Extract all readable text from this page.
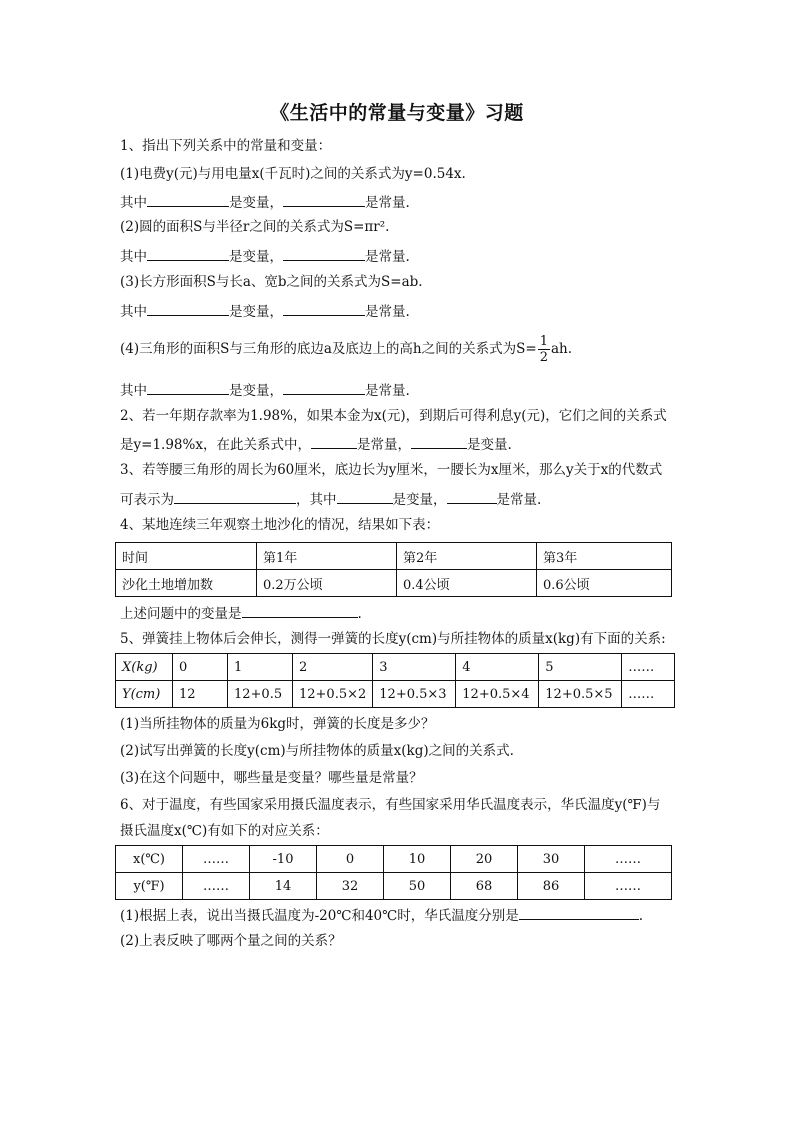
《生活中的常量与变量》习题
1、指出下列关系中的常量和变量：
(1)电费y(元)与用电量x(千瓦时)之间的关系式为y=0.54x.
其中	是变量，	是常量.
(2)圆的面积S与半径r之间的关系式为S=πr².
其中	是变量，	是常量.
(3)长方形面积S与长a、宽b之间的关系式为S=ab.
其中	是变量，	是常量.
(4)三角形的面积S与三角形的底边a及底边上的高h之间的关系式为$S= \frac{1}{2}$ ah.
其中	是变量，	是常量.
2、若一年期存款率为1.98%，如果本金为x(元)，到期后可得利息y(元)，它们之间的关系式
是y=1.98%x，在此关系式中，	是常量，	是变量.
3、若等腰三角形的周长为60厘米，底边长为y厘米，一腰长为x厘米，那么y关于x的代数式
可表示为	，其中	是变量，	是常量.
4、某地连续三年观察土地沙化的情况，结果如下表：
时间	第1年	第2年	第3年
沙化土地增加数	0.2万公顷	0.4公顷	0.6公顷
上述问题中的变量是	.
5、弹簧挂上物体后会伸长，测得一弹簧的长度y(cm)与所挂物体的质量x(kg)有下面的关系:
X(kg)	0	1	2	3	4	5	……
Y(cm)	12	12+0.5	12+0.5×2	12+0.5×3	12+0.5×4	12+0.5×5	……
(1)当所挂物体的质量为6kg时，弹簧的长度是多少？
(2)试写出弹簧的长度y(cm)与所挂物体的质量x(kg)之间的关系式.
(3)在这个问题中，哪些量是变量？哪些量是常量？
6、对于温度，有些国家采用摄氏温度表示，有些国家采用华氏温度表示，华氏温度y(℉)与
摄氏温度x(℃)有如下的对应关系：
x(℃)	……	-10	0	10	20	30	……
y(℉)	……	14	32	50	68	86	……
(1)根据上表，说出当摄氏温度为-20℃和40℃时，华氏温度分别是	.
(2)上表反映了哪两个量之间的关系？
